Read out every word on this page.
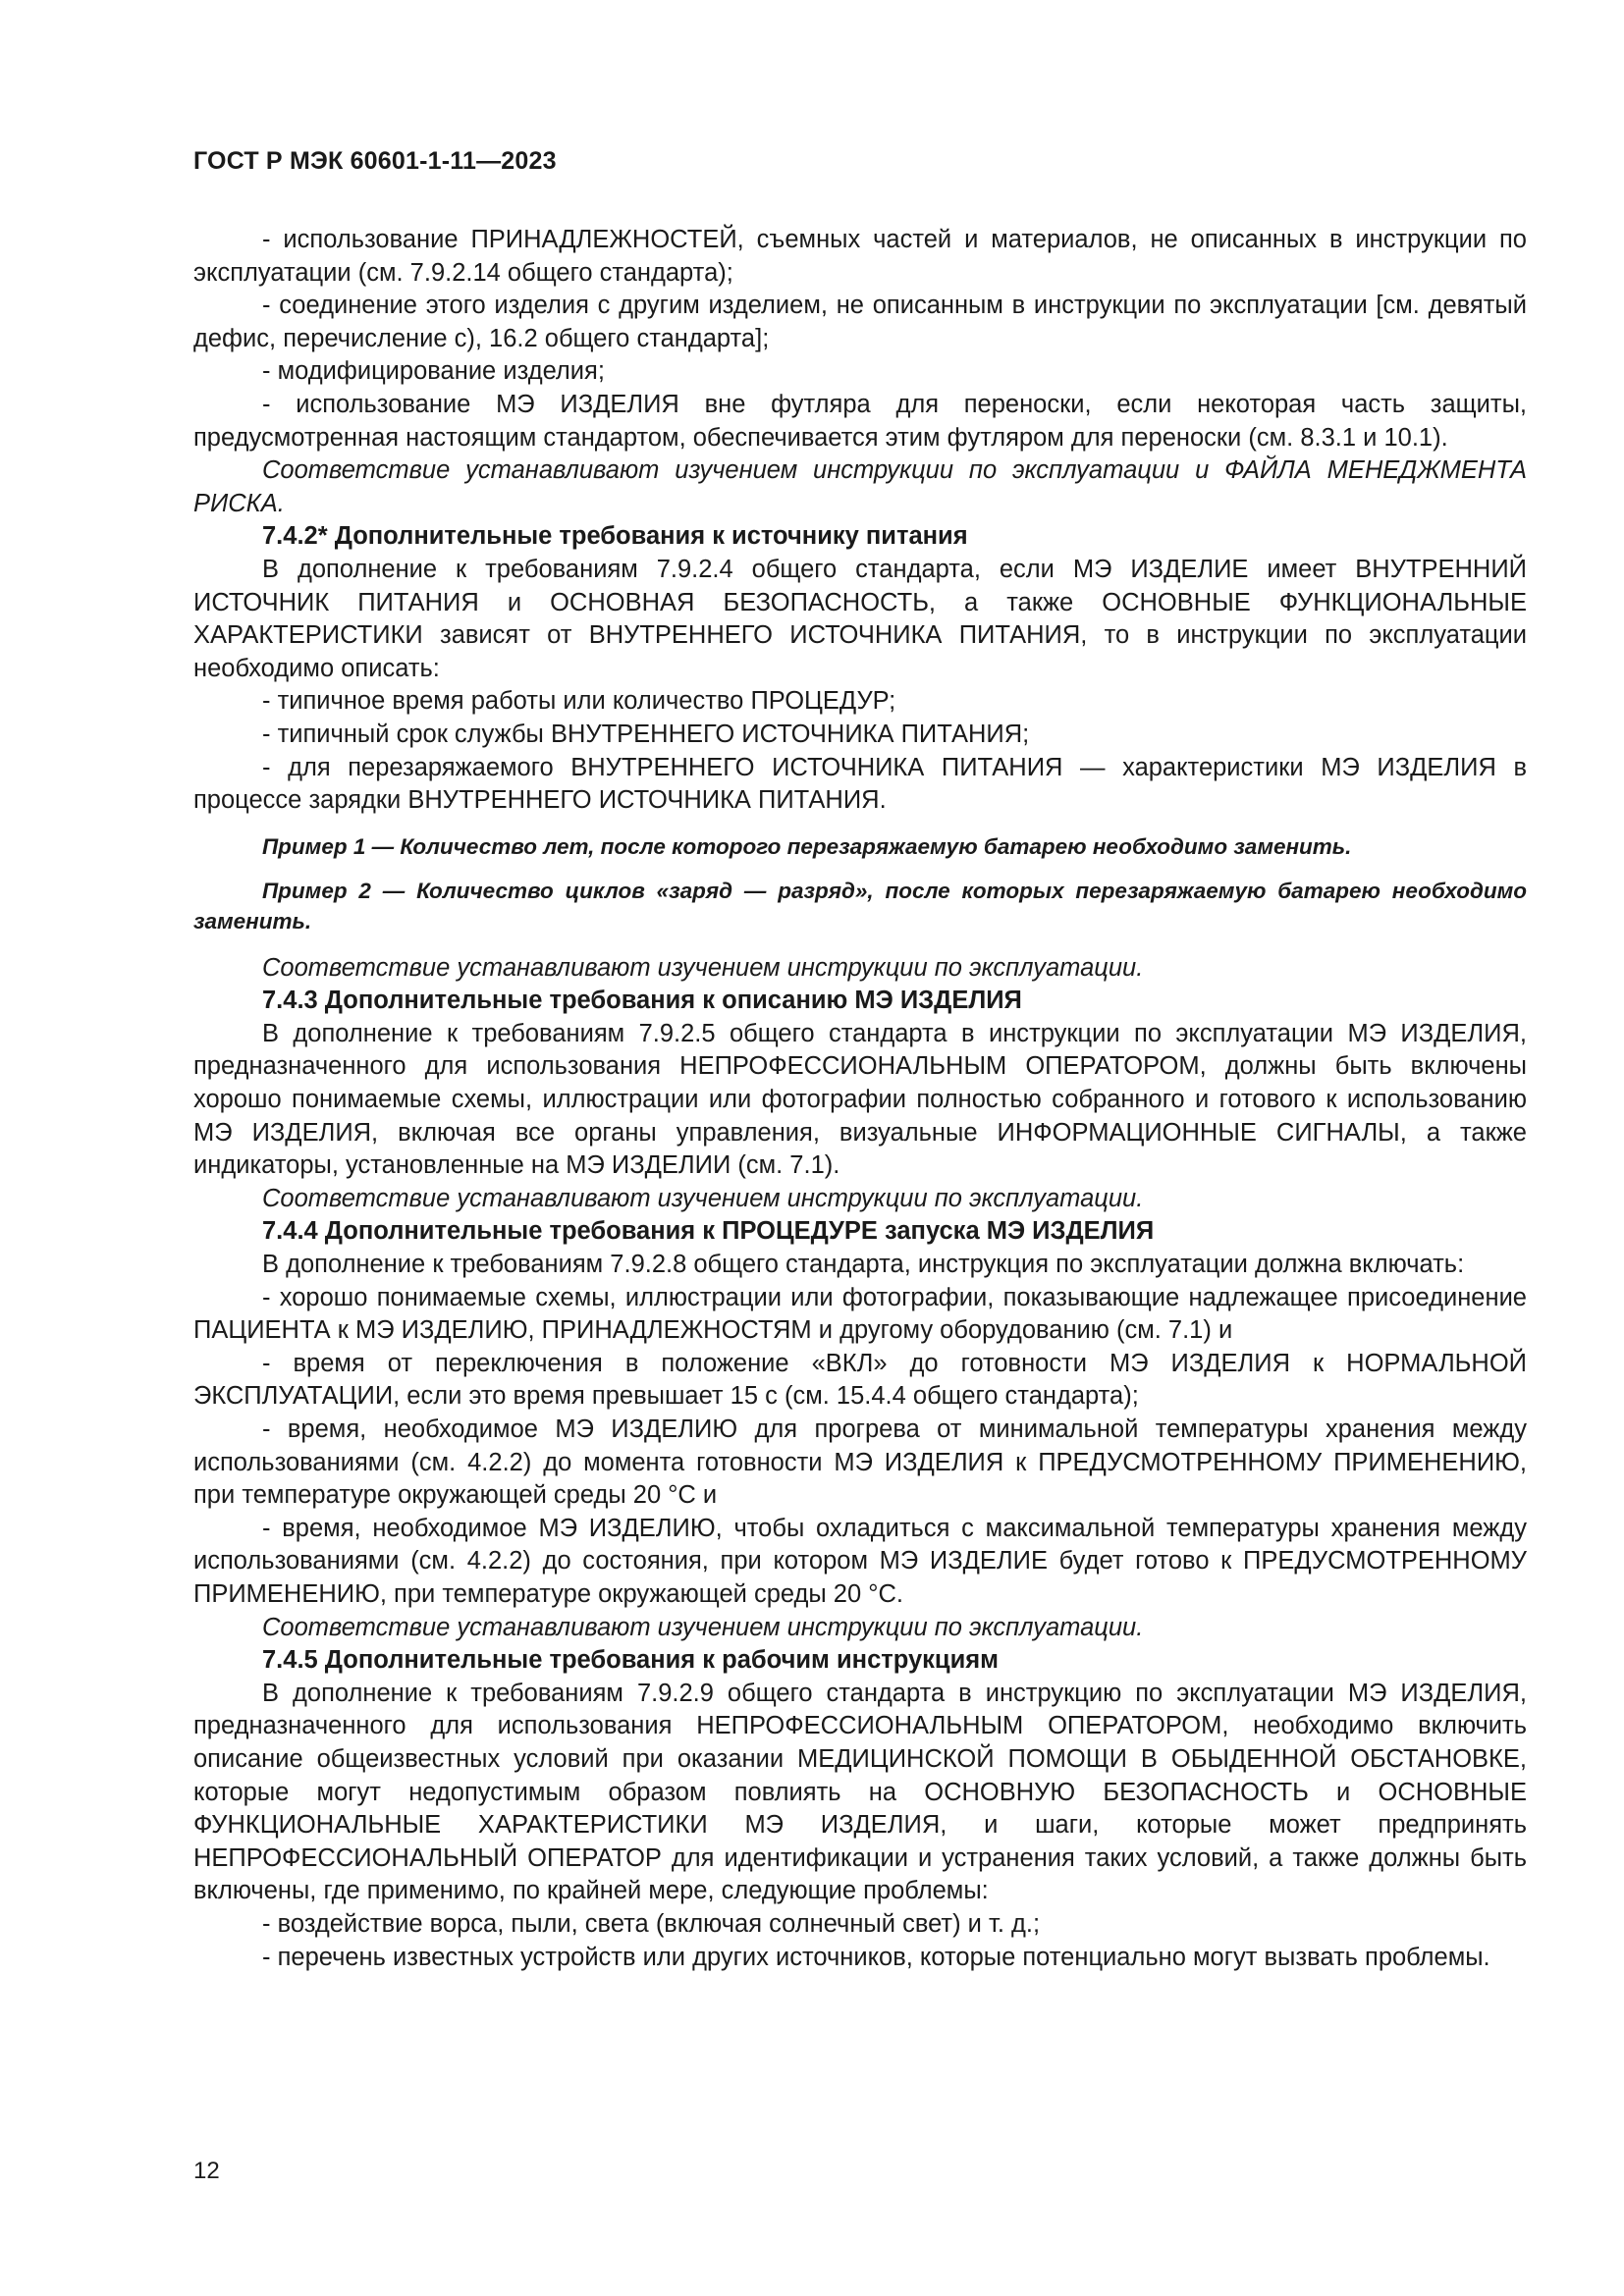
ГОСТ Р МЭК 60601-1-11—2023

- использование ПРИНАДЛЕЖНОСТЕЙ, съемных частей и материалов, не описанных в инструкции по эксплуатации (см. 7.9.2.14 общего стандарта);

- соединение этого изделия с другим изделием, не описанным в инструкции по эксплуатации [см. девятый дефис, перечисление с), 16.2 общего стандарта];

- модифицирование изделия;

- использование МЭ ИЗДЕЛИЯ вне футляра для переноски, если некоторая часть защиты, предусмотренная настоящим стандартом, обеспечивается этим футляром для переноски (см. 8.3.1 и 10.1).

Соответствие устанавливают изучением инструкции по эксплуатации и ФАЙЛА МЕНЕДЖМЕНТА РИСКА.

7.4.2* Дополнительные требования к источнику питания

В дополнение к требованиям 7.9.2.4 общего стандарта, если МЭ ИЗДЕЛИЕ имеет ВНУТРЕННИЙ ИСТОЧНИК ПИТАНИЯ и ОСНОВНАЯ БЕЗОПАСНОСТЬ, а также ОСНОВНЫЕ ФУНКЦИОНАЛЬНЫЕ ХАРАКТЕРИСТИКИ зависят от ВНУТРЕННЕГО ИСТОЧНИКА ПИТАНИЯ, то в инструкции по эксплуатации необходимо описать:

- типичное время работы или количество ПРОЦЕДУР;

- типичный срок службы ВНУТРЕННЕГО ИСТОЧНИКА ПИТАНИЯ;

- для перезаряжаемого ВНУТРЕННЕГО ИСТОЧНИКА ПИТАНИЯ — характеристики МЭ ИЗДЕЛИЯ в процессе зарядки ВНУТРЕННЕГО ИСТОЧНИКА ПИТАНИЯ.

Пример 1 — Количество лет, после которого перезаряжаемую батарею необходимо заменить.

Пример 2 — Количество циклов «заряд — разряд», после которых перезаряжаемую батарею необходимо заменить.

Соответствие устанавливают изучением инструкции по эксплуатации.

7.4.3 Дополнительные требования к описанию МЭ ИЗДЕЛИЯ

В дополнение к требованиям 7.9.2.5 общего стандарта в инструкции по эксплуатации МЭ ИЗДЕЛИЯ, предназначенного для использования НЕПРОФЕССИОНАЛЬНЫМ ОПЕРАТОРОМ, должны быть включены хорошо понимаемые схемы, иллюстрации или фотографии полностью собранного и готового к использованию МЭ ИЗДЕЛИЯ, включая все органы управления, визуальные ИНФОРМАЦИОННЫЕ СИГНАЛЫ, а также индикаторы, установленные на МЭ ИЗДЕЛИИ (см. 7.1).

Соответствие устанавливают изучением инструкции по эксплуатации.

7.4.4 Дополнительные требования к ПРОЦЕДУРЕ запуска МЭ ИЗДЕЛИЯ

В дополнение к требованиям 7.9.2.8 общего стандарта, инструкция по эксплуатации должна включать:

- хорошо понимаемые схемы, иллюстрации или фотографии, показывающие надлежащее присоединение ПАЦИЕНТА к МЭ ИЗДЕЛИЮ, ПРИНАДЛЕЖНОСТЯМ и другому оборудованию (см. 7.1) и

- время от переключения в положение «ВКЛ» до готовности МЭ ИЗДЕЛИЯ к НОРМАЛЬНОЙ ЭКСПЛУАТАЦИИ, если это время превышает 15 с (см. 15.4.4 общего стандарта);

- время, необходимое МЭ ИЗДЕЛИЮ для прогрева от минимальной температуры хранения между использованиями (см. 4.2.2) до момента готовности МЭ ИЗДЕЛИЯ к ПРЕДУСМОТРЕННОМУ ПРИМЕНЕНИЮ, при температуре окружающей среды 20 °С и

- время, необходимое МЭ ИЗДЕЛИЮ, чтобы охладиться с максимальной температуры хранения между использованиями (см. 4.2.2) до состояния, при котором МЭ ИЗДЕЛИЕ будет готово к ПРЕДУСМОТРЕННОМУ ПРИМЕНЕНИЮ, при температуре окружающей среды 20 °С.

Соответствие устанавливают изучением инструкции по эксплуатации.

7.4.5 Дополнительные требования к рабочим инструкциям

В дополнение к требованиям 7.9.2.9 общего стандарта в инструкцию по эксплуатации МЭ ИЗДЕЛИЯ, предназначенного для использования НЕПРОФЕССИОНАЛЬНЫМ ОПЕРАТОРОМ, необходимо включить описание общеизвестных условий при оказании МЕДИЦИНСКОЙ ПОМОЩИ В ОБЫДЕННОЙ ОБСТАНОВКЕ, которые могут недопустимым образом повлиять на ОСНОВНУЮ БЕЗОПАСНОСТЬ и ОСНОВНЫЕ ФУНКЦИОНАЛЬНЫЕ ХАРАКТЕРИСТИКИ МЭ ИЗДЕЛИЯ, и шаги, которые может предпринять НЕПРОФЕССИОНАЛЬНЫЙ ОПЕРАТОР для идентификации и устранения таких условий, а также должны быть включены, где применимо, по крайней мере, следующие проблемы:

- воздействие ворса, пыли, света (включая солнечный свет) и т. д.;

- перечень известных устройств или других источников, которые потенциально могут вызвать проблемы.

12
